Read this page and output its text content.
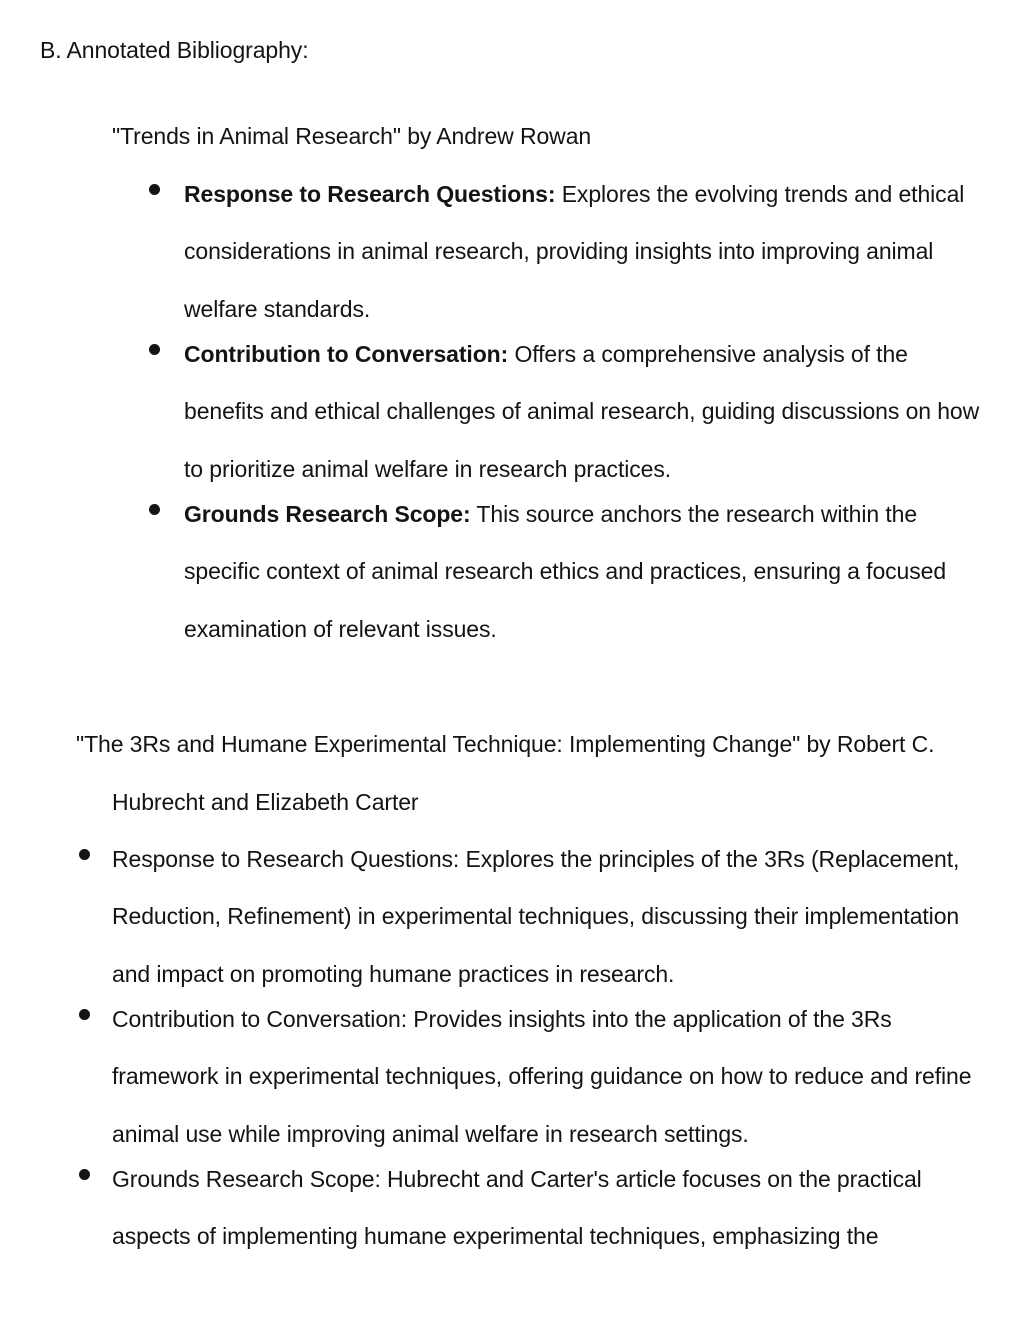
B. Annotated Bibliography:
"Trends in Animal Research" by Andrew Rowan
Response to Research Questions: Explores the evolving trends and ethical considerations in animal research, providing insights into improving animal welfare standards.
Contribution to Conversation: Offers a comprehensive analysis of the benefits and ethical challenges of animal research, guiding discussions on how to prioritize animal welfare in research practices.
Grounds Research Scope: This source anchors the research within the specific context of animal research ethics and practices, ensuring a focused examination of relevant issues.
"The 3Rs and Humane Experimental Technique: Implementing Change" by Robert C.
Hubrecht and Elizabeth Carter
Response to Research Questions: Explores the principles of the 3Rs (Replacement, Reduction, Refinement) in experimental techniques, discussing their implementation and impact on promoting humane practices in research.
Contribution to Conversation: Provides insights into the application of the 3Rs framework in experimental techniques, offering guidance on how to reduce and refine animal use while improving animal welfare in research settings.
Grounds Research Scope: Hubrecht and Carter's article focuses on the practical aspects of implementing humane experimental techniques, emphasizing the
